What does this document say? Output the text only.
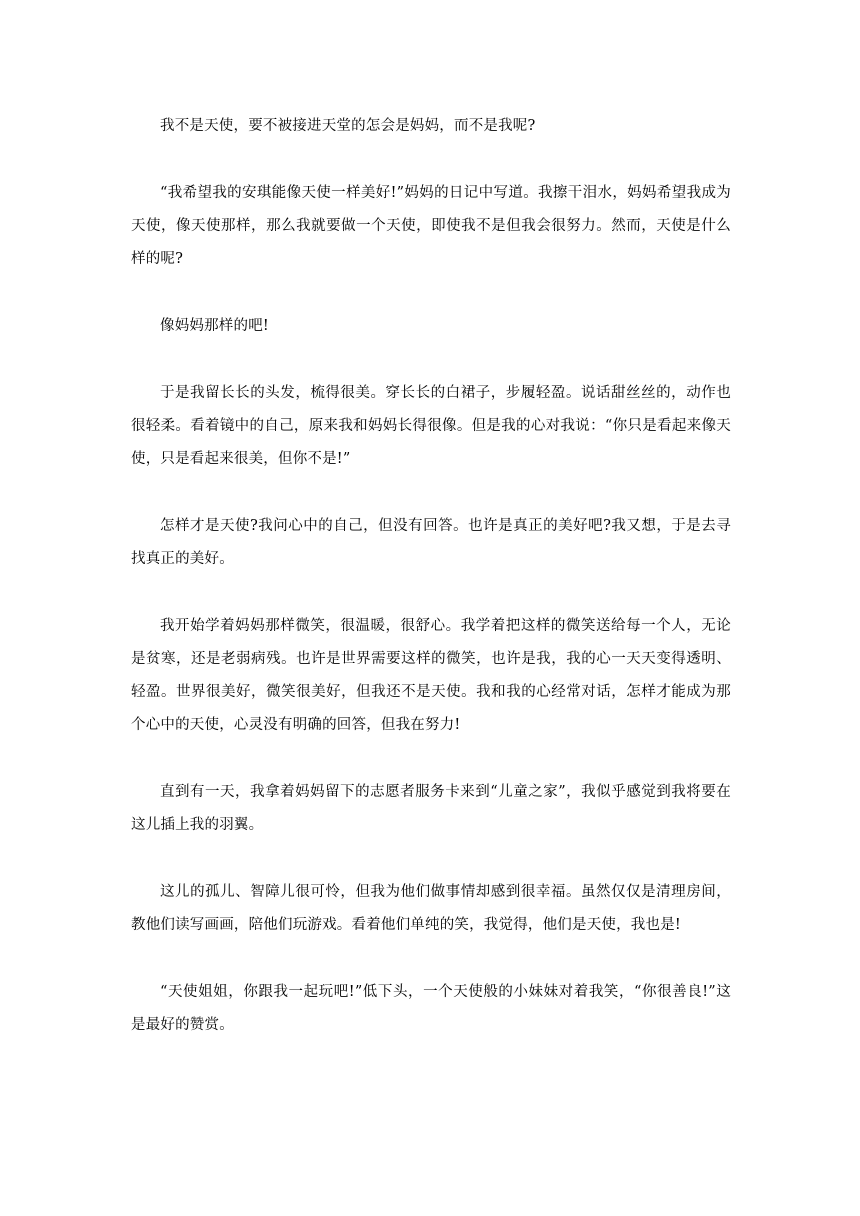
我不是天使，要不被接进天堂的怎会是妈妈，而不是我呢?

“我希望我的安琪能像天使一样美好!”妈妈的日记中写道。我擦干泪水，妈妈希望我成为天使，像天使那样，那么我就要做一个天使，即使我不是但我会很努力。然而，天使是什么样的呢?

像妈妈那样的吧!

于是我留长长的头发，梳得很美。穿长长的白裙子，步履轻盈。说话甜丝丝的，动作也很轻柔。看着镜中的自己，原来我和妈妈长得很像。但是我的心对我说：“你只是看起来像天使，只是看起来很美，但你不是!”

怎样才是天使?我问心中的自己，但没有回答。也许是真正的美好吧?我又想，于是去寻找真正的美好。

我开始学着妈妈那样微笑，很温暖，很舒心。我学着把这样的微笑送给每一个人，无论是贫寒，还是老弱病残。也许是世界需要这样的微笑，也许是我，我的心一天天变得透明、轻盈。世界很美好，微笑很美好，但我还不是天使。我和我的心经常对话，怎样才能成为那个心中的天使，心灵没有明确的回答，但我在努力!

直到有一天，我拿着妈妈留下的志愿者服务卡来到“儿童之家”，我似乎感觉到我将要在这儿插上我的羽翼。

这儿的孤儿、智障儿很可怜，但我为他们做事情却感到很幸福。虽然仅仅是清理房间，教他们读写画画，陪他们玩游戏。看着他们单纯的笑，我觉得，他们是天使，我也是!

“天使姐姐，你跟我一起玩吧!”低下头，一个天使般的小妹妹对着我笑，“你很善良!”这是最好的赞赏。
